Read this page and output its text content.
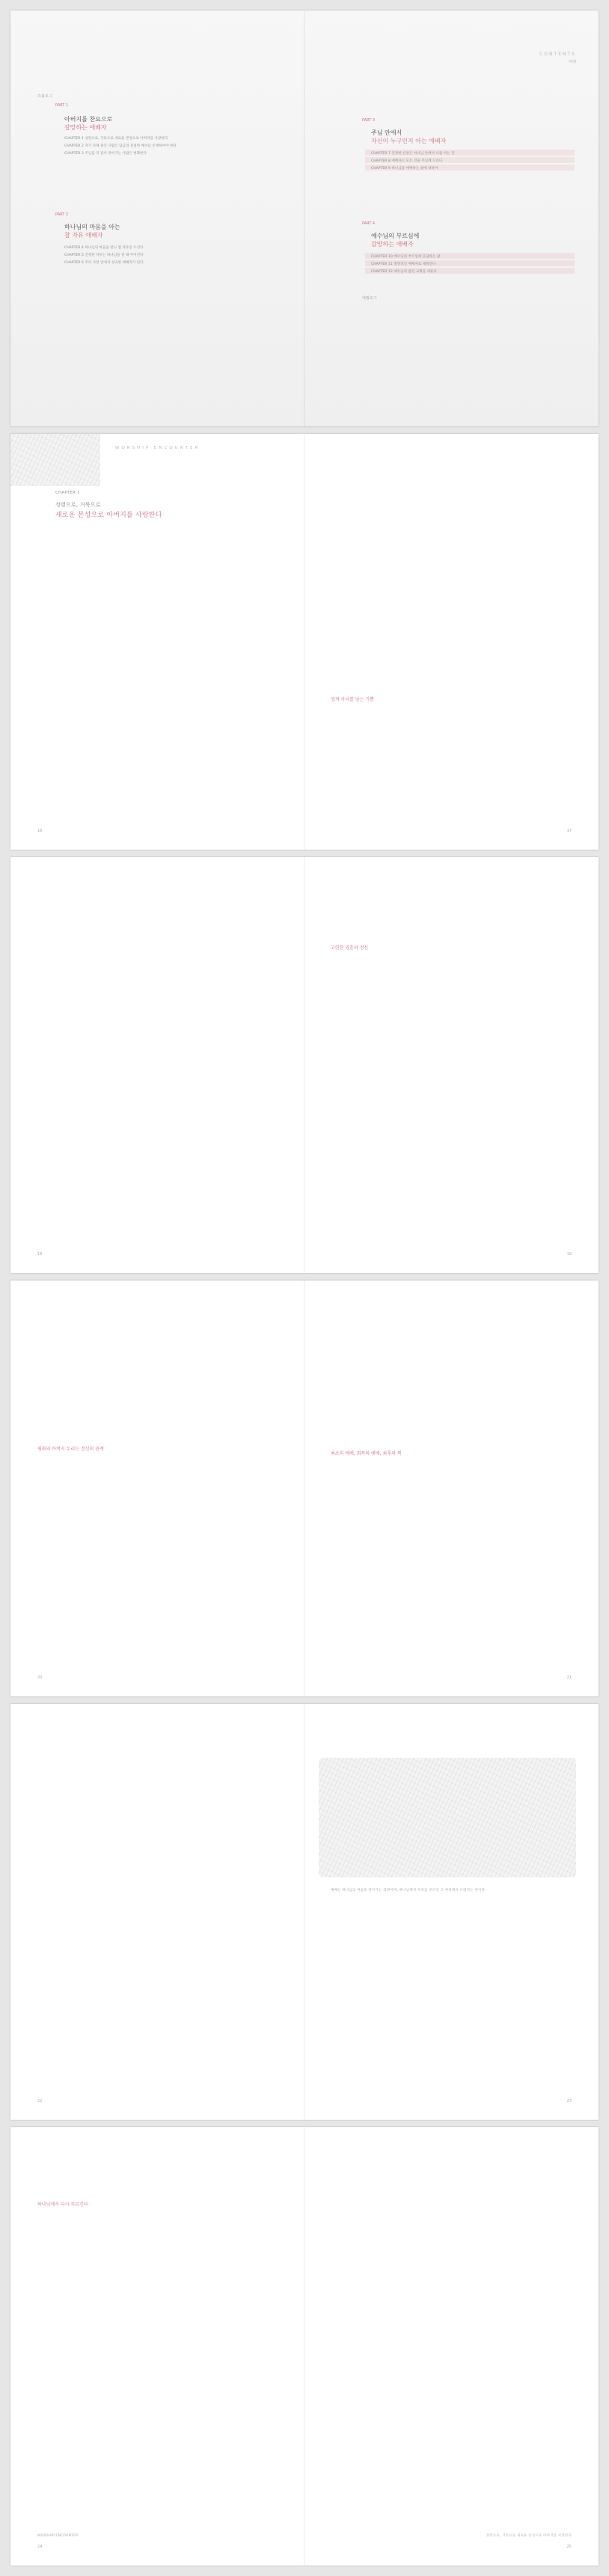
CONTENTS
차례
프롤로그
PART 1
아버지를 찬요으로
갈망하는 애배자
CHAPTER 1 성령으로, 거룩으로 새로운 본성으로 아버지를 사랑한다
CHAPTER 2 자기 자체 중인 사람은 담금의 신실한 예수를 존재하여야 한다
CHAPTER 3 주님을 더 깊이 알아가는 사람은 변화한다
PART 2
하나님의 마음을 아는
참 자유 애배자
CHAPTER 4 하나님의 마음을 알고 참 자유를 누린다
CHAPTER 5 진정한 자유는 하나님을 알 때 주어진다
CHAPTER 6 주의 사랑 안에서 성숙한 예배자가 된다
PART 3
주님 안에서
자신이 누구인지 아는 애배자
CHAPTER 7 진정한 신앙은 하나님 안에서 나를 아는 것
CHAPTER 8 예배자는 모든 것을 주님께 드린다
CHAPTER 9 하나님을 예배하는 삶에 대하여
PART 4
예수님의 부르심에
갈망하는 애배자
CHAPTER 10 예수님의 부르심에 응답하는 삶
CHAPTER 11 열정적인 예배자로 세워진다
CHAPTER 12 예수님의 몸된 교회를 세운다
에필로그
WORSHIP ENCOUNTER
CHAPTER 1
성령으로, 거룩으로
새로운 본성으로 아버지를 사랑한다
16	17
영적 자녀를 낳는 기쁨
고린한 영혼의 정신
18	19
평화의 아버지 누리는 정신의 관계
최초의 예배, 회복의 예배, 최후의 책
20	21
예배는 하나님의 마음을 알아가는 과정이며, 하나님께서 우리를 부르신 그 자리에서 드려지는 것이다.
22	23
하나님께서 다시 부르신다
WORSHIP ENCOUNTER	성령으로, 거룩으로 새로운 본성으로 아버지를 사랑한다
24	25
